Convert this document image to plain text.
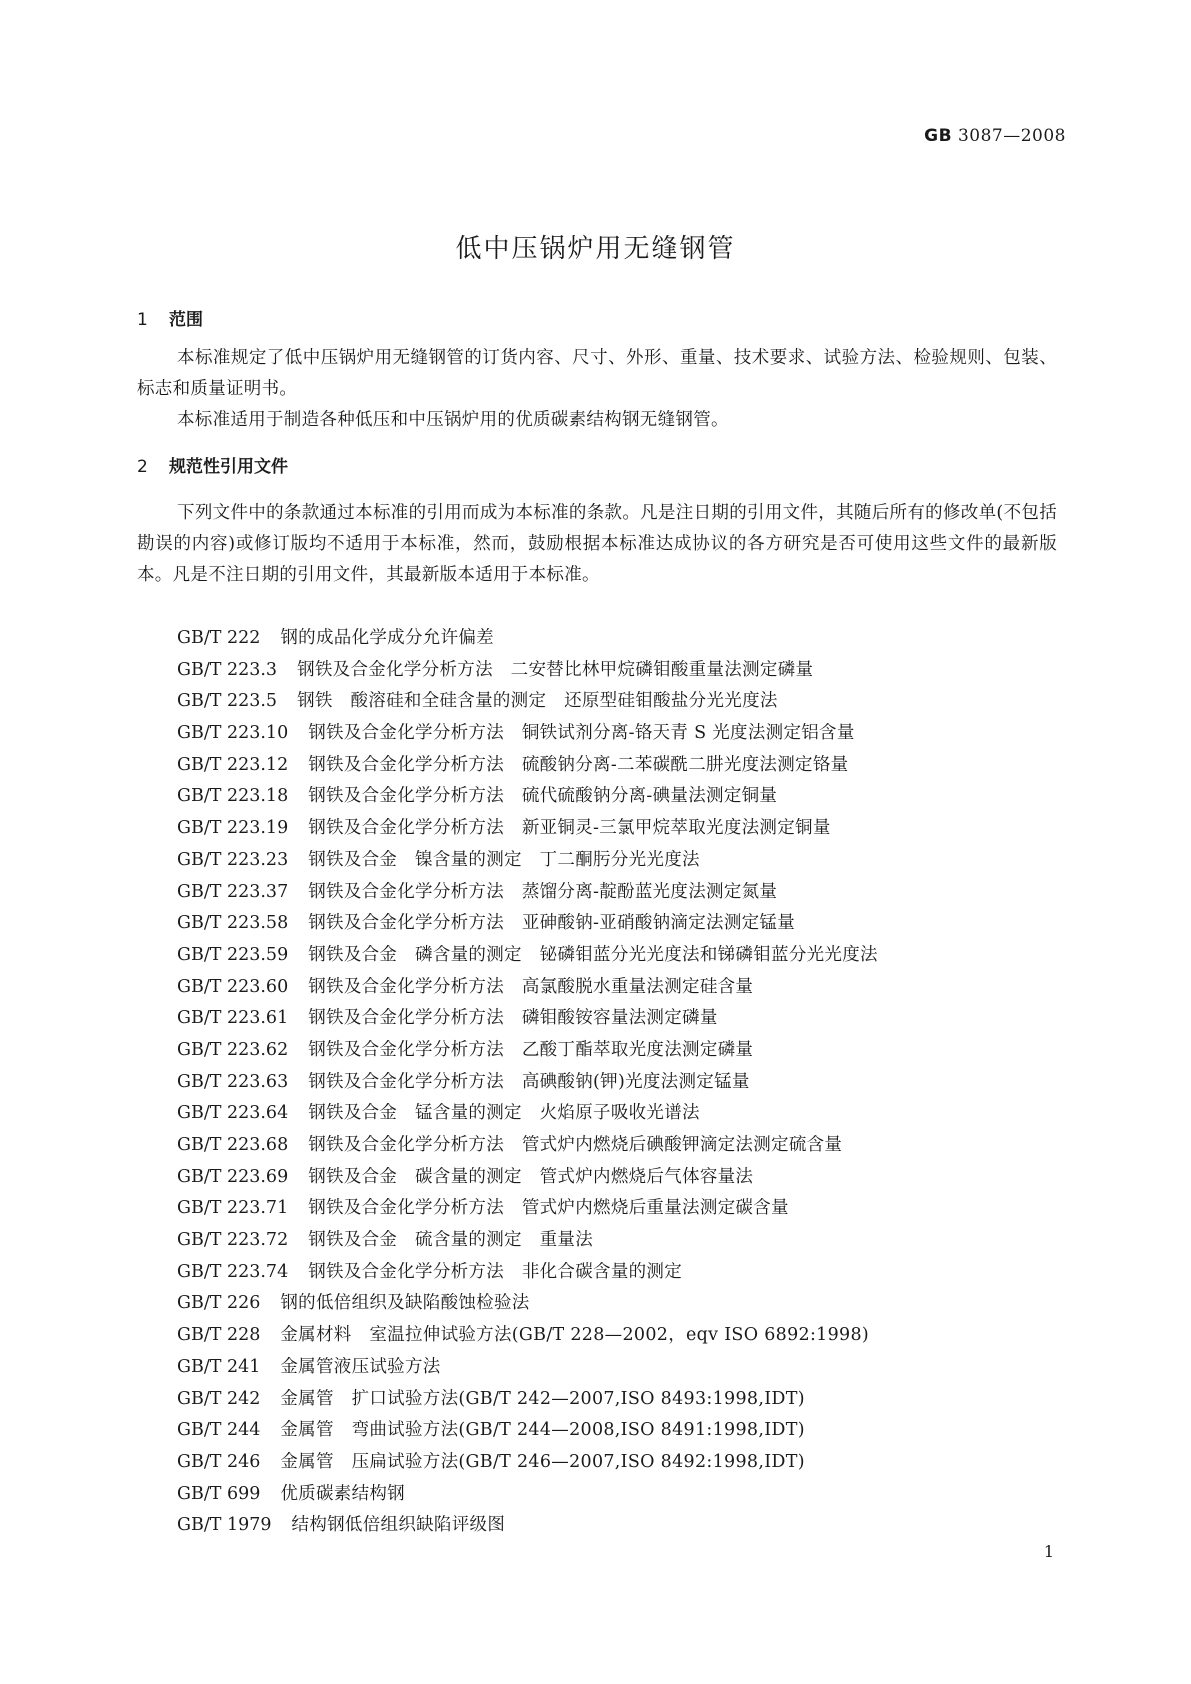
GB 3087—2008
低中压锅炉用无缝钢管
1 范围

本标准规定了低中压锅炉用无缝钢管的订货内容、尺寸、外形、重量、技术要求、试验方法、检验规则、包装、标志和质量证明书。

本标准适用于制造各种低压和中压锅炉用的优质碳素结构钢无缝钢管。

2 规范性引用文件

下列文件中的条款通过本标准的引用而成为本标准的条款。凡是注日期的引用文件，其随后所有的修改单(不包括勘误的内容)或修订版均不适用于本标准，然而，鼓励根据本标准达成协议的各方研究是否可使用这些文件的最新版本。凡是不注日期的引用文件，其最新版本适用于本标准。

GB/T 222 钢的成品化学成分允许偏差
GB/T 223.3 钢铁及合金化学分析方法　二安替比林甲烷磷钼酸重量法测定磷量
GB/T 223.5 钢铁　酸溶硅和全硅含量的测定　还原型硅钼酸盐分光光度法
GB/T 223.10 钢铁及合金化学分析方法　铜铁试剂分离-铬天青 S 光度法测定铝含量
GB/T 223.12 钢铁及合金化学分析方法　硫酸钠分离-二苯碳酰二肼光度法测定铬量
GB/T 223.18 钢铁及合金化学分析方法　硫代硫酸钠分离-碘量法测定铜量
GB/T 223.19 钢铁及合金化学分析方法　新亚铜灵-三氯甲烷萃取光度法测定铜量
GB/T 223.23 钢铁及合金　镍含量的测定　丁二酮肟分光光度法
GB/T 223.37 钢铁及合金化学分析方法　蒸馏分离-靛酚蓝光度法测定氮量
GB/T 223.58 钢铁及合金化学分析方法　亚砷酸钠-亚硝酸钠滴定法测定锰量
GB/T 223.59 钢铁及合金　磷含量的测定　铋磷钼蓝分光光度法和锑磷钼蓝分光光度法
GB/T 223.60 钢铁及合金化学分析方法　高氯酸脱水重量法测定硅含量
GB/T 223.61 钢铁及合金化学分析方法　磷钼酸铵容量法测定磷量
GB/T 223.62 钢铁及合金化学分析方法　乙酸丁酯萃取光度法测定磷量
GB/T 223.63 钢铁及合金化学分析方法　高碘酸钠(钾)光度法测定锰量
GB/T 223.64 钢铁及合金　锰含量的测定　火焰原子吸收光谱法
GB/T 223.68 钢铁及合金化学分析方法　管式炉内燃烧后碘酸钾滴定法测定硫含量
GB/T 223.69 钢铁及合金　碳含量的测定　管式炉内燃烧后气体容量法
GB/T 223.71 钢铁及合金化学分析方法　管式炉内燃烧后重量法测定碳含量
GB/T 223.72 钢铁及合金　硫含量的测定　重量法
GB/T 223.74 钢铁及合金化学分析方法　非化合碳含量的测定
GB/T 226 钢的低倍组织及缺陷酸蚀检验法
GB/T 228 金属材料　室温拉伸试验方法(GB/T 228—2002，eqv ISO 6892:1998)
GB/T 241 金属管液压试验方法
GB/T 242 金属管　扩口试验方法(GB/T 242—2007,ISO 8493:1998,IDT)
GB/T 244 金属管　弯曲试验方法(GB/T 244—2008,ISO 8491:1998,IDT)
GB/T 246 金属管　压扁试验方法(GB/T 246—2007,ISO 8492:1998,IDT)
GB/T 699 优质碳素结构钢
GB/T 1979 结构钢低倍组织缺陷评级图
1
